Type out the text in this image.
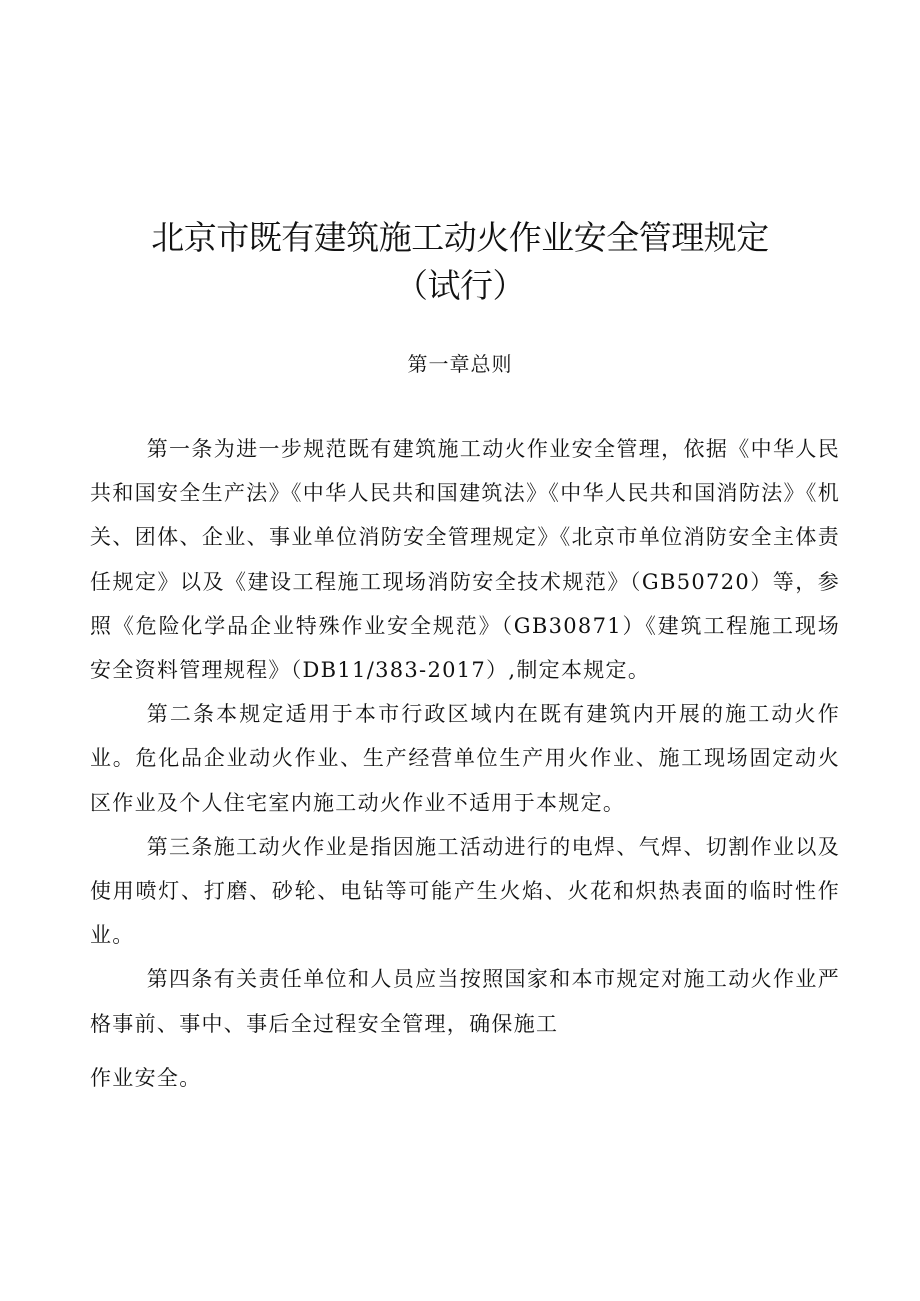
北京市既有建筑施工动火作业安全管理规定
（试行）
第一章总则

第一条为进一步规范既有建筑施工动火作业安全管理，依据《中华人民共和国安全生产法》《中华人民共和国建筑法》《中华人民共和国消防法》《机关、团体、企业、事业单位消防安全管理规定》《北京市单位消防安全主体责任规定》以及《建设工程施工现场消防安全技术规范》（GB50720）等，参照《危险化学品企业特殊作业安全规范》（GB30871）《建筑工程施工现场安全资料管理规程》（DB11/383-2017）,制定本规定。

第二条本规定适用于本市行政区域内在既有建筑内开展的施工动火作业。危化品企业动火作业、生产经营单位生产用火作业、施工现场固定动火区作业及个人住宅室内施工动火作业不适用于本规定。

第三条施工动火作业是指因施工活动进行的电焊、气焊、切割作业以及使用喷灯、打磨、砂轮、电钻等可能产生火焰、火花和炽热表面的临时性作业。

第四条有关责任单位和人员应当按照国家和本市规定对施工动火作业严格事前、事中、事后全过程安全管理，确保施工

作业安全。
